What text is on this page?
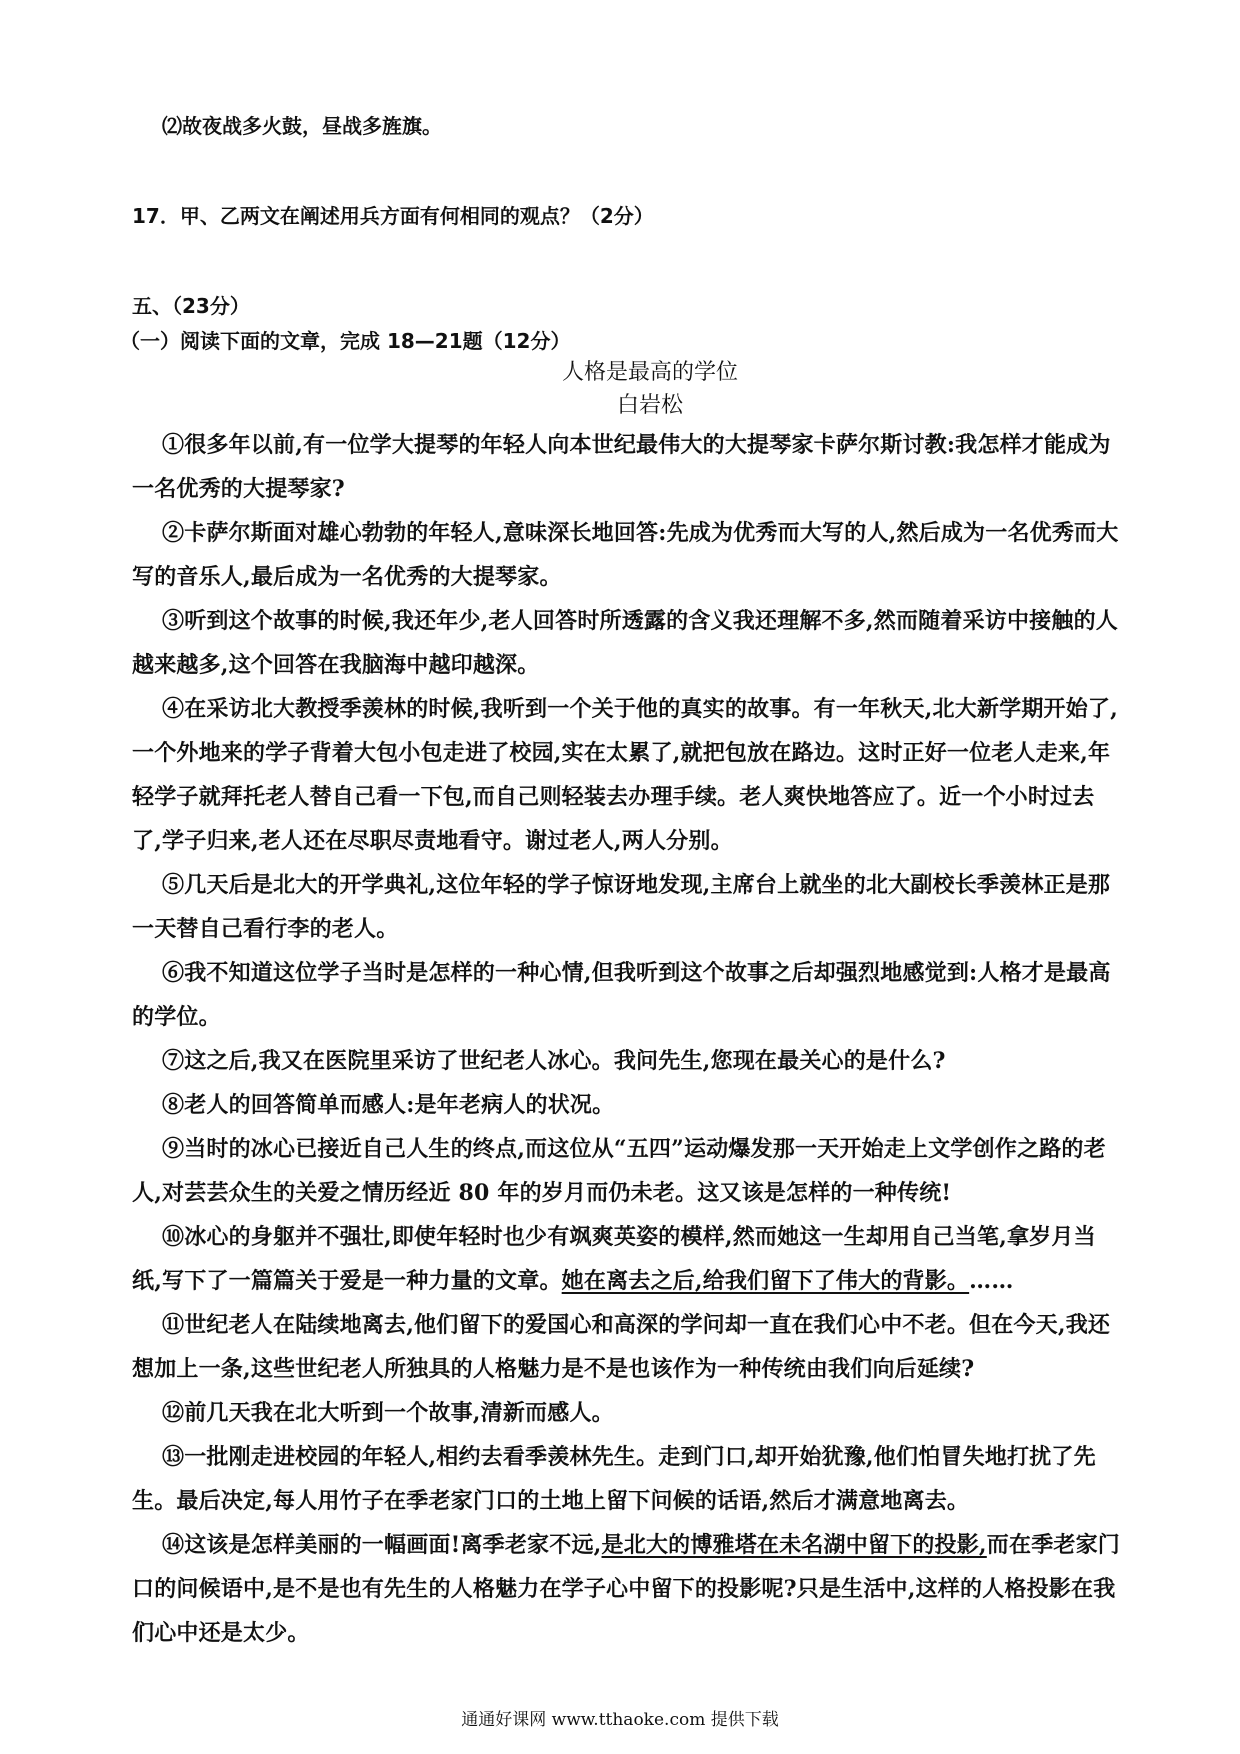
⑵故夜战多火鼓，昼战多旌旗。
17．甲、乙两文在阐述用兵方面有何相同的观点？（2分）
五、（23分）
（一）阅读下面的文章，完成 18—21题（12分）
人格是最高的学位
白岩松
①很多年以前,有一位学大提琴的年轻人向本世纪最伟大的大提琴家卡萨尔斯讨教:我怎样才能成为一名优秀的大提琴家?
②卡萨尔斯面对雄心勃勃的年轻人,意味深长地回答:先成为优秀而大写的人,然后成为一名优秀而大写的音乐人,最后成为一名优秀的大提琴家。
③听到这个故事的时候,我还年少,老人回答时所透露的含义我还理解不多,然而随着采访中接触的人越来越多,这个回答在我脑海中越印越深。
④在采访北大教授季羡林的时候,我听到一个关于他的真实的故事。有一年秋天,北大新学期开始了,一个外地来的学子背着大包小包走进了校园,实在太累了,就把包放在路边。这时正好一位老人走来,年轻学子就拜托老人替自己看一下包,而自己则轻装去办理手续。老人爽快地答应了。近一个小时过去了,学子归来,老人还在尽职尽责地看守。谢过老人,两人分别。
⑤几天后是北大的开学典礼,这位年轻的学子惊讶地发现,主席台上就坐的北大副校长季羡林正是那一天替自己看行李的老人。
⑥我不知道这位学子当时是怎样的一种心情,但我听到这个故事之后却强烈地感觉到:人格才是最高的学位。
⑦这之后,我又在医院里采访了世纪老人冰心。我问先生,您现在最关心的是什么?
⑧老人的回答简单而感人:是年老病人的状况。
⑨当时的冰心已接近自己人生的终点,而这位从“五四”运动爆发那一天开始走上文学创作之路的老人,对芸芸众生的关爱之情历经近 80 年的岁月而仍未老。这又该是怎样的一种传统!
⑩冰心的身躯并不强壮,即使年轻时也少有飒爽英姿的模样,然而她这一生却用自己当笔,拿岁月当纸,写下了一篇篇关于爱是一种力量的文章。她在离去之后,给我们留下了伟大的背影。……
⑪世纪老人在陆续地离去,他们留下的爱国心和高深的学问却一直在我们心中不老。但在今天,我还想加上一条,这些世纪老人所独具的人格魅力是不是也该作为一种传统由我们向后延续?
⑫前几天我在北大听到一个故事,清新而感人。
⑬一批刚走进校园的年轻人,相约去看季羡林先生。走到门口,却开始犹豫,他们怕冒失地打扰了先生。最后决定,每人用竹子在季老家门口的土地上留下问候的话语,然后才满意地离去。
⑭这该是怎样美丽的一幅画面!离季老家不远,是北大的博雅塔在未名湖中留下的投影,而在季老家门口的问候语中,是不是也有先生的人格魅力在学子心中留下的投影呢?只是生活中,这样的人格投影在我们心中还是太少。
通通好课网 www.tthaoke.com 提供下载
